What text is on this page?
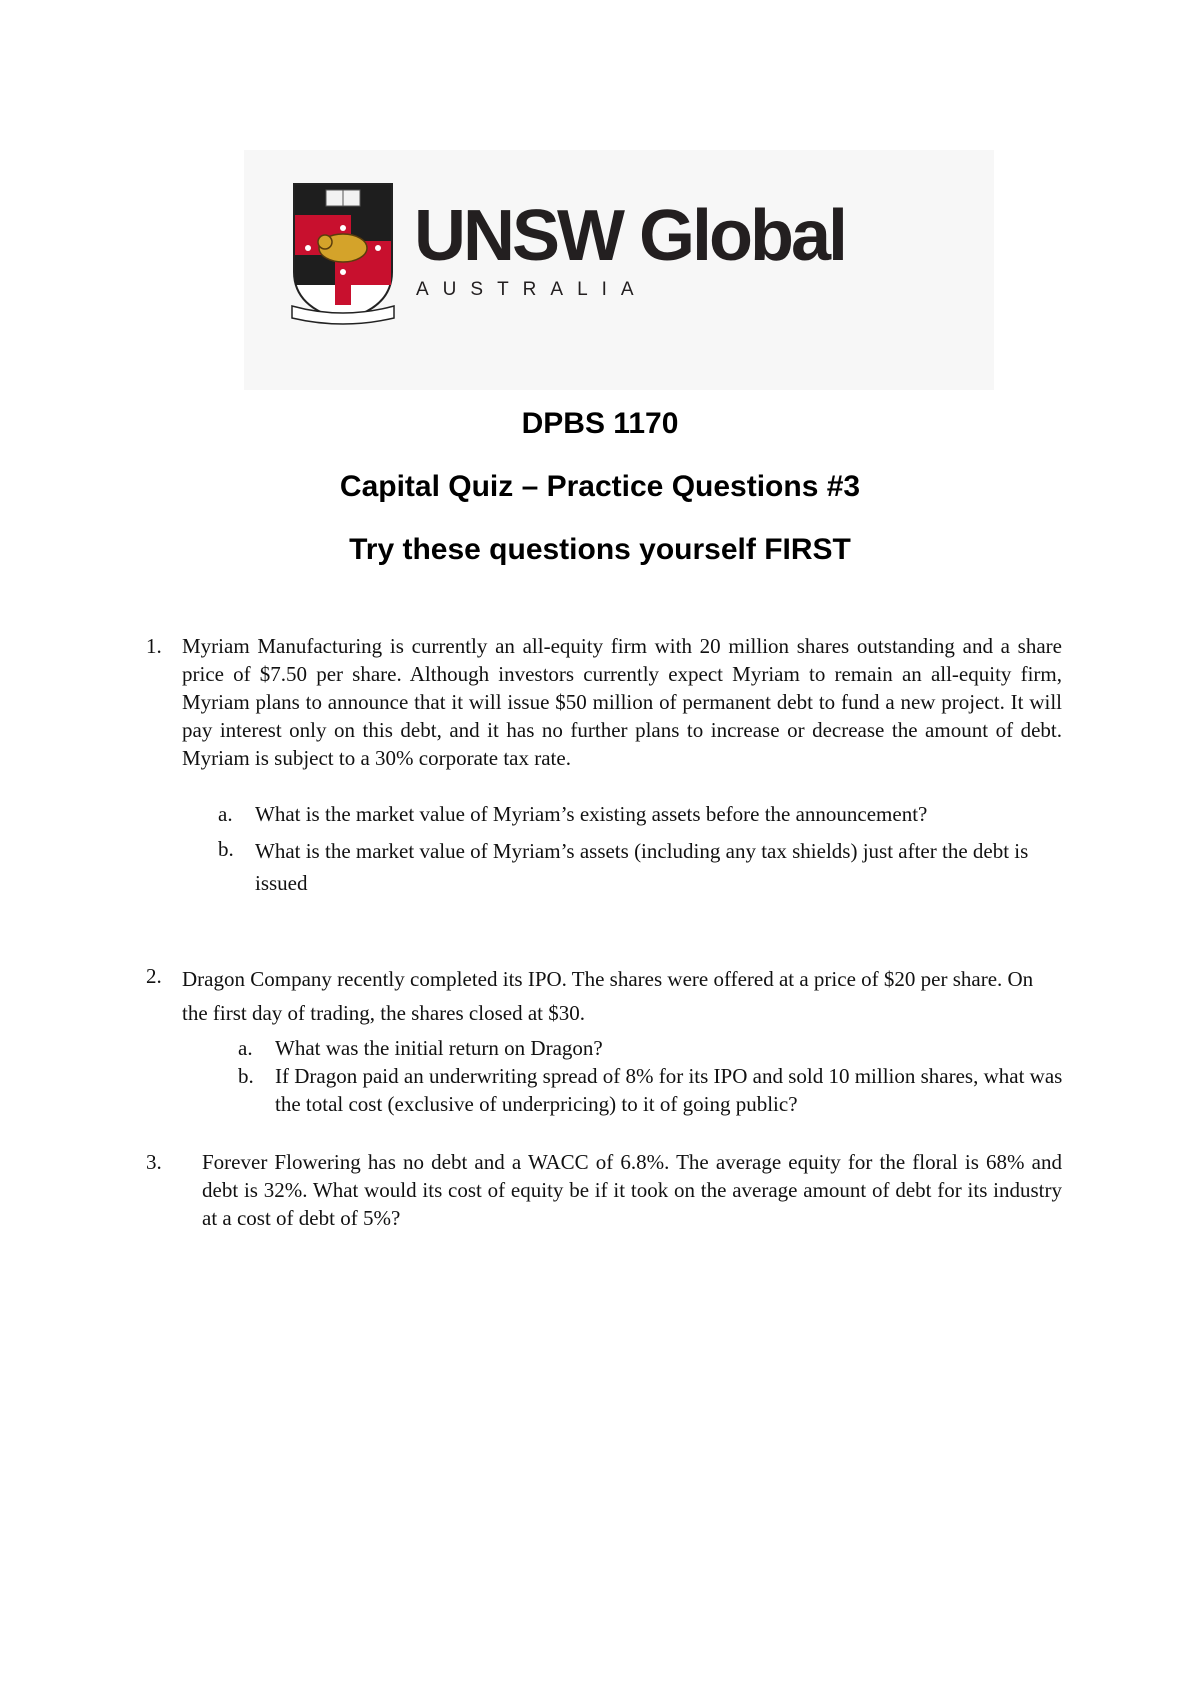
UNSW Global

AUSTRALIA

DPBS 1170
Capital Quiz – Practice Questions #3
Try these questions yourself FIRST
1. Myriam Manufacturing is currently an all-equity firm with 20 million shares outstanding and a share price of $7.50 per share. Although investors currently expect Myriam to remain an all-equity firm, Myriam plans to announce that it will issue $50 million of permanent debt to fund a new project. It will pay interest only on this debt, and it has no further plans to increase or decrease the amount of debt. Myriam is subject to a 30% corporate tax rate.

a. What is the market value of Myriam’s existing assets before the announcement?

b. What is the market value of Myriam’s assets (including any tax shields) just after the debt is issued

2. Dragon Company recently completed its IPO. The shares were offered at a price of $20 per share. On the first day of trading, the shares closed at $30.

a. What was the initial return on Dragon?

b. If Dragon paid an underwriting spread of 8% for its IPO and sold 10 million shares, what was the total cost (exclusive of underpricing) to it of going public?

3. Forever Flowering has no debt and a WACC of 6.8%. The average equity for the floral is 68% and debt is 32%. What would its cost of equity be if it took on the average amount of debt for its industry at a cost of debt of 5%?
